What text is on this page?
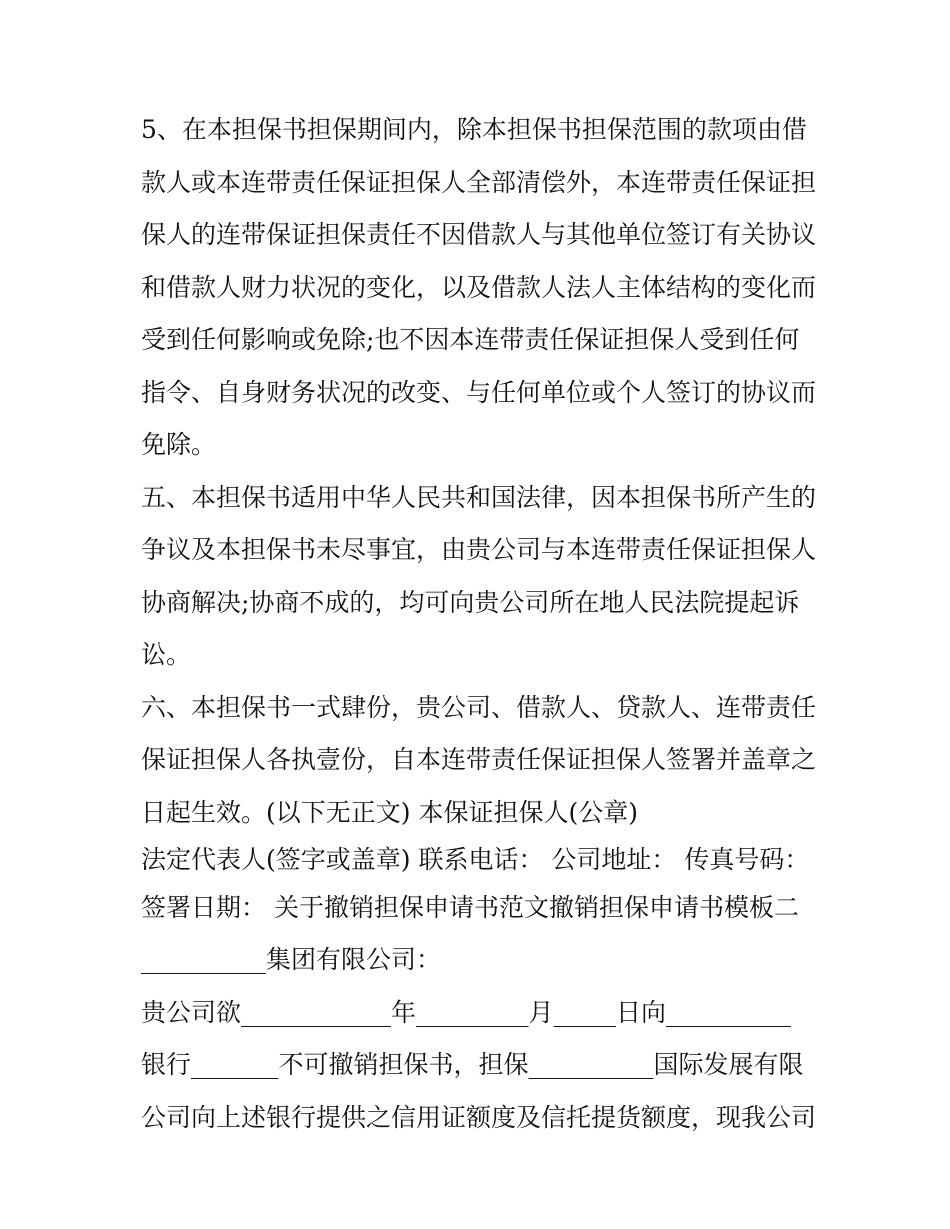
5、在本担保书担保期间内，除本担保书担保范围的款项由借
款人或本连带责任保证担保人全部清偿外，本连带责任保证担
保人的连带保证担保责任不因借款人与其他单位签订有关协议
和借款人财力状况的变化，以及借款人法人主体结构的变化而
受到任何影响或免除;也不因本连带责任保证担保人受到任何
指令、自身财务状况的改变、与任何单位或个人签订的协议而
免除。
五、本担保书适用中华人民共和国法律，因本担保书所产生的
争议及本担保书未尽事宜，由贵公司与本连带责任保证担保人
协商解决;协商不成的，均可向贵公司所在地人民法院提起诉
讼。
六、本担保书一式肆份，贵公司、借款人、贷款人、连带责任
保证担保人各执壹份，自本连带责任保证担保人签署并盖章之
日起生效。(以下无正文) 本保证担保人(公章)
法定代表人(签字或盖章) 联系电话： 公司地址： 传真号码：
签署日期： 关于撤销担保申请书范文撤销担保申请书模板二
__________集团有限公司：
贵公司欲____________年_________月_____日向__________
银行_______不可撤销担保书，担保__________国际发展有限
公司向上述银行提供之信用证额度及信托提货额度，现我公司
